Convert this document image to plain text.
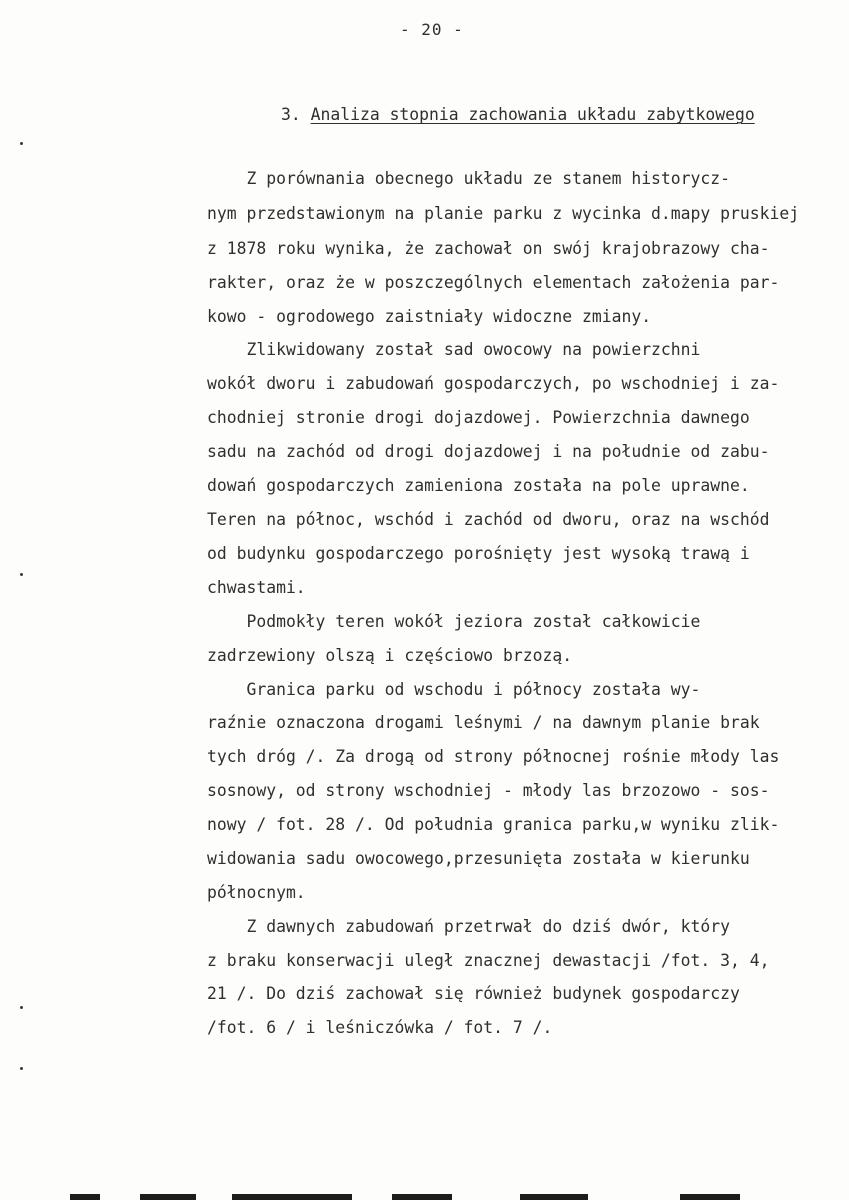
- 20 -
3. Analiza stopnia zachowania układu zabytkowego
Z porównania obecnego układu ze stanem historycz-
nym przedstawionym na planie parku z wycinka d.mapy pruskiej
z 1878 roku wynika, że zachował on swój krajobrazowy cha-
rakter, oraz że w poszczególnych elementach założenia par-
kowo - ogrodowego zaistniały widoczne zmiany.
Zlikwidowany został sad owocowy na powierzchni
wokół dworu i zabudowań gospodarczych, po wschodniej i za-
chodniej stronie drogi dojazdowej. Powierzchnia dawnego
sadu na zachód od drogi dojazdowej i na południe od zabu-
dowań gospodarczych zamieniona została na pole uprawne.
Teren na północ, wschód i zachód od dworu, oraz na wschód
od budynku gospodarczego porośnięty jest wysoką trawą i
chwastami.
Podmokły teren wokół jeziora został całkowicie
zadrzewiony olszą i częściowo brzozą.
Granica parku od wschodu i północy została wy-
raźnie oznaczona drogami leśnymi / na dawnym planie brak
tych dróg /. Za drogą od strony północnej rośnie młody las
sosnowy, od strony wschodniej - młody las brzozowo - sos-
nowy / fot. 28 /. Od południa granica parku,w wyniku zlik-
widowania sadu owocowego,przesunięta została w kierunku
północnym.
Z dawnych zabudowań przetrwał do dziś dwór, który
z braku konserwacji uległ znacznej dewastacji /fot. 3, 4,
21 /. Do dziś zachował się również budynek gospodarczy
/fot. 6 / i leśniczówka / fot. 7 /.
